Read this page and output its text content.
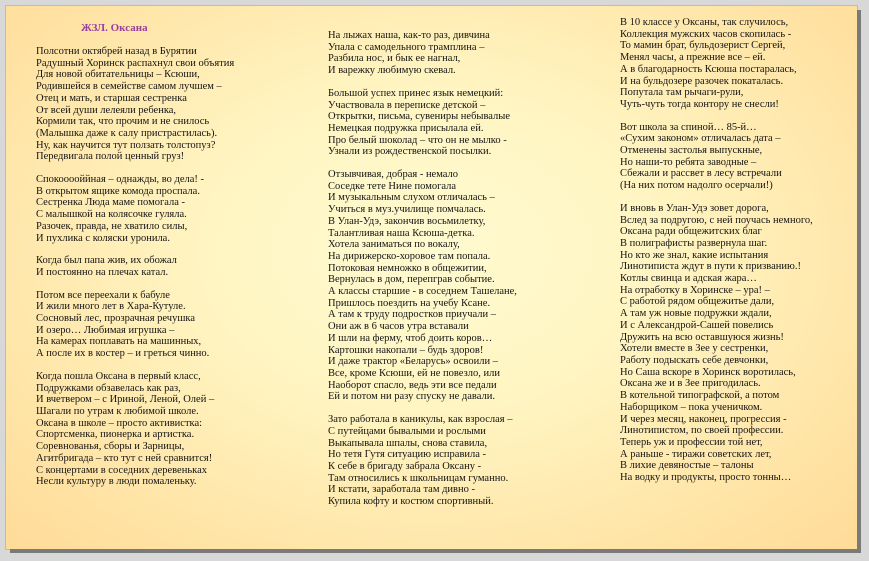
ЖЗЛ. Оксана
Полсотни октябрей назад в Бурятии
Радушный Хоринск распахнул свои объятия
Для новой обитательницы – Ксюши,
Родившейся в семействе самом лучшем –
Отец и мать, и старшая сестренка
От всей души лелеяли ребенка,
Кормили так, что прочим и не снилось
(Малышка даже к салу пристрастилась).
Ну, как научится тут ползать толстопуз?
Передвигала полой ценный груз!
Спокооооййная – однажды, во дела! -
В открытом ящике комода проспала.
Сестренка Люда маме помогала -
С малышкой на колясочке гуляла.
Разочек, правда, не хватило силы,
И пухлика с коляски уронила.
Когда был папа жив, их обожал
И постоянно на плечах катал.
Потом все переехали к бабуле
И жили много лет в Хара-Кутуле.
Сосновый лес, прозрачная речушка
И озеро… Любимая игрушка –
На камерах поплавать на машинных,
А после их в костер – и греться чинно.
Когда пошла Оксана в первый класс,
Подружками обзавелась как раз,
И вчетвером – с Ириной, Леной, Олей –
Шагали по утрам к любимой школе.
Оксана в школе – просто активистка:
Спортсменка, пионерка и артистка.
Соревнованья, сборы и Зарницы,
Агитбригада – кто тут с ней сравнится!
С концертами в соседних деревеньках
Несли культуру в люди помаленьку.
На лыжах наша, как-то раз, дивчина
Упала с самодельного трамплина –
Разбила нос, и бык ее нагнал,
И варежку любимую скевал.
Большой успех принес язык немецкий:
Участвовала в переписке детской –
Открытки, письма, сувениры небывалые
Немецкая подружка присылала ей.
Про белый шоколад – что он не мылко -
Узнали из рождественской посылки.
Отзывчивая, добрая - немало
Соседке тете Нине помогала
И музыкальным слухом отличалась –
Учиться в муз.училище помчалась.
В Улан-Удэ, закончив восьмилетку,
Талантливая наша Ксюша-детка.
Хотела заниматься по вокалу,
На дирижерско-хоровое там попала.
Потоковая немножко в общежитии,
Вернулась в дом, перепграв событие.
А классы старшие - в соседнем Ташелане,
Пришлось поездить на учебу Ксане.
А там к труду подростков приучали –
Они аж в 6 часов утра вставали
И шли на ферму, чтоб доить коров…
Картошки накопали – будь здоров!
И даже трактор «Беларусь» освоили –
Все, кроме Ксюши, ей не повезло, или
Наоборот спасло, ведь эти все педали
Ей и потом ни разу спуску не давали.
Зато работала в каникулы, как взрослая –
С путейцами бывалыми и рослыми
Выкапывала шпалы, снова ставила,
Но тетя Гутя ситуацию исправила -
К себе в бригаду забрала Оксану -
Там относились к школьницам гуманно.
И кстати, заработала там дивно -
Купила кофту и костюм спортивный.
В 10 классе у Оксаны, так случилось,
Коллекция мужских часов скопилась -
То мамин брат, бульдозерист Сергей,
Менял часы, а прежние все – ей.
А в благодарность Ксюша постаралась,
И на бульдозере разочек покаталась.
Попутала там рычаги-рули,
Чуть-чуть тогда контору не снесли!
Вот школа за спиной… 85-й…
«Сухим законом» отличалась дата –
Отменены застолья выпускные,
Но наши-то ребята заводные –
Сбежали и рассвет в лесу встречали
(На них потом надолго осерчали!)
И вновь в Улан-Удэ зовет дорога,
Вслед за подругою, с ней поучась немного,
Оксана ради общежитских благ
В полиграфисты развернула шаг.
Но кто же знал, какие испытания
Линотиписта ждут в пути к призванию.!
Котлы свинца и адская жара…
На отработку в Хоринске – ура! –
С работой рядом общежитье дали,
А там уж новые подружки ждали,
И с Александрой-Сашей повелись
Дружить на всю оставшуюся жизнь!
Хотели вместе в Зее у сестренки,
Работу подыскать себе девчонки,
Но Саша вскоре в Хоринск воротилась,
Оксана же и в Зее пригодилась.
В котельной типографской, а потом
Наборщиком – пока ученичком.
И через месяц, наконец, прогрессия -
Линотипистом, по своей профессии.
Теперь уж и профессии той нет,
А раньше - тиражи советских лет,
В лихие девяностые – талоны
На водку и продукты, просто тонны…
